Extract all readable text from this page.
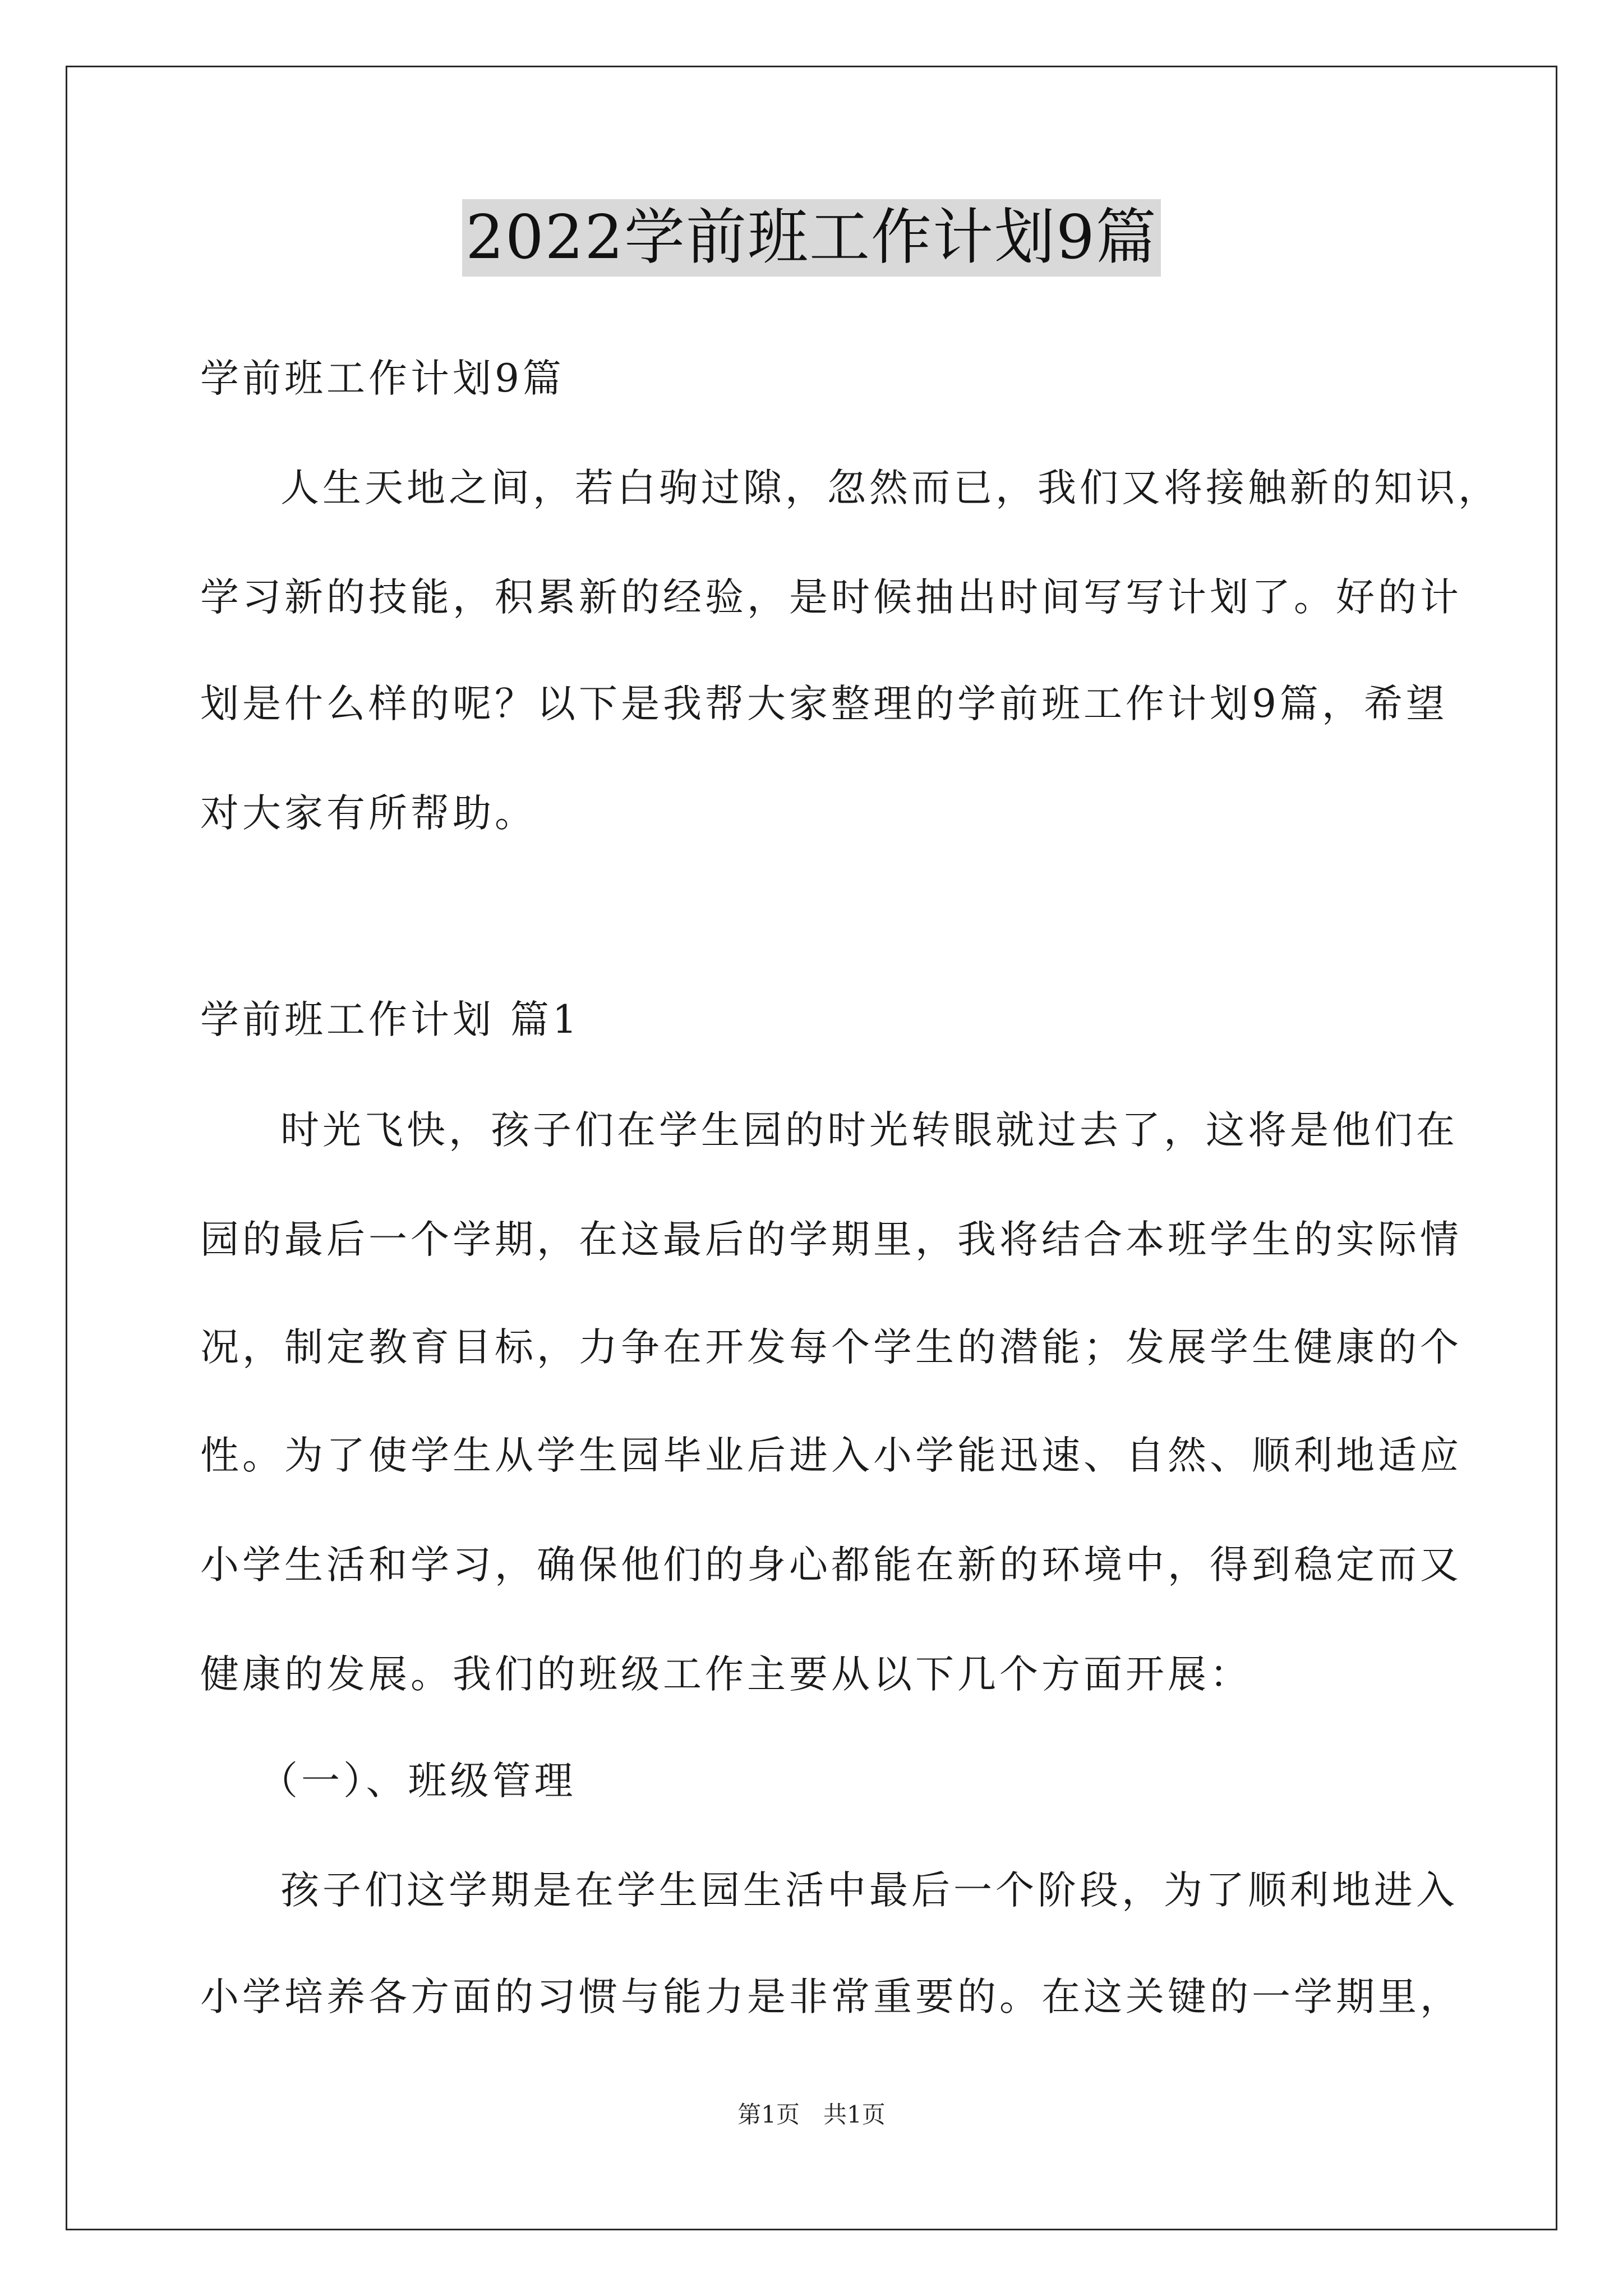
2022学前班工作计划9篇
学前班工作计划9篇
人生天地之间，若白驹过隙，忽然而已，我们又将接触新的知识，
学习新的技能，积累新的经验，是时候抽出时间写写计划了。好的计
划是什么样的呢？以下是我帮大家整理的学前班工作计划9篇，希望
对大家有所帮助。
学前班工作计划 篇1
时光飞快，孩子们在学生园的时光转眼就过去了，这将是他们在
园的最后一个学期，在这最后的学期里，我将结合本班学生的实际情
况，制定教育目标，力争在开发每个学生的潜能；发展学生健康的个
性。为了使学生从学生园毕业后进入小学能迅速、自然、顺利地适应
小学生活和学习，确保他们的身心都能在新的环境中，得到稳定而又
健康的发展。我们的班级工作主要从以下几个方面开展：
（一）、班级管理
孩子们这学期是在学生园生活中最后一个阶段，为了顺利地进入
小学培养各方面的习惯与能力是非常重要的。在这关键的一学期里，
第1页　共1页
